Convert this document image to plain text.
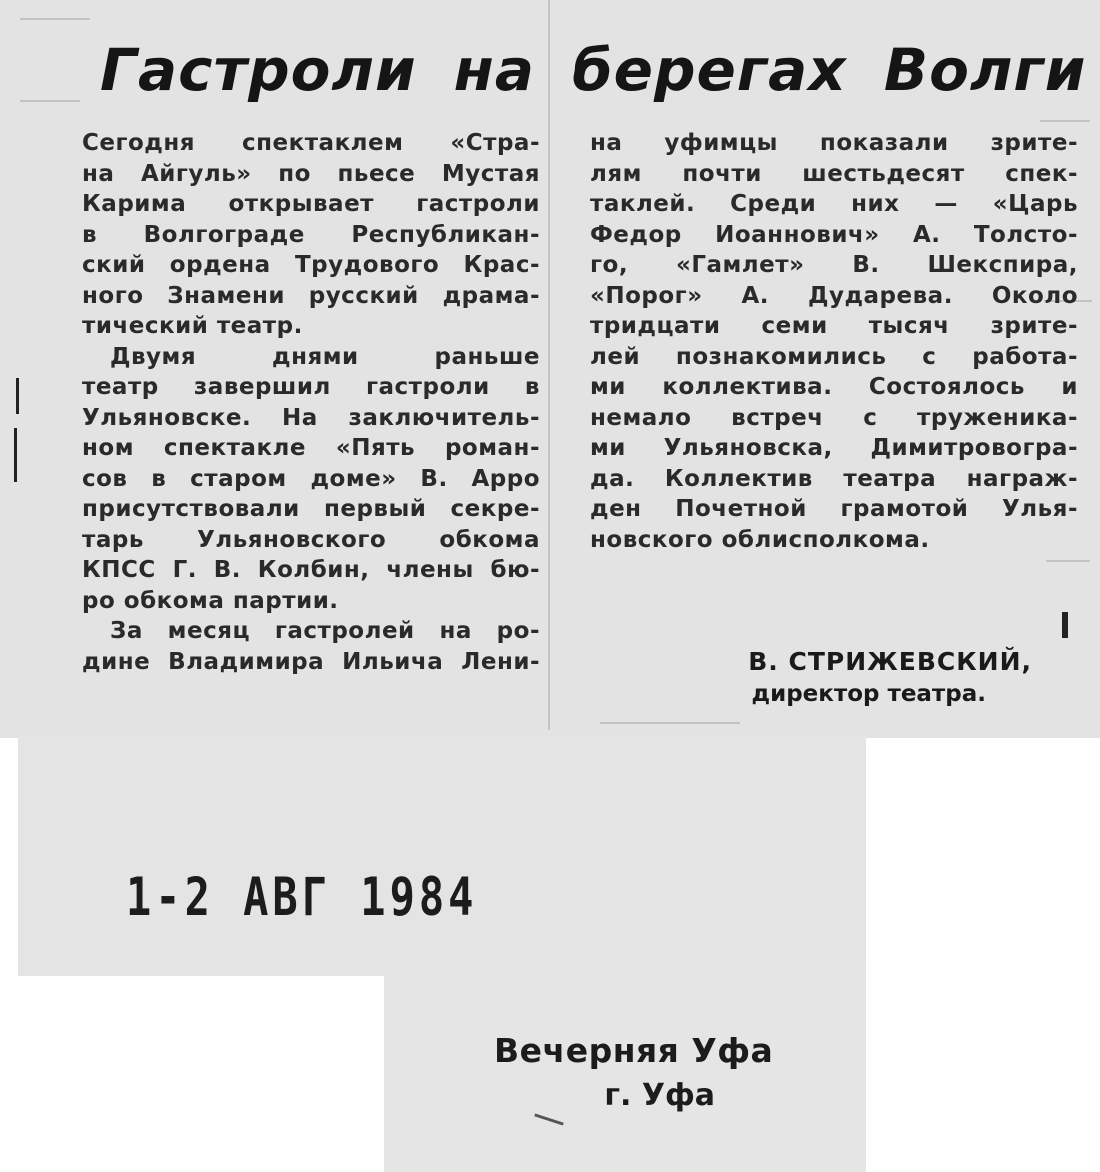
Гастроли на берегах Волги
Сегодня спектаклем «Стра-
на Айгуль» по пьесе Мустая
Карима открывает гастроли
в Волгограде Республикан-
ский ордена Трудового Крас-
ного Знамени русский драма-
тический театр.
Двумя днями раньше
театр завершил гастроли в
Ульяновске. На заключитель-
ном спектакле «Пять роман-
сов в старом доме» В. Арро
присутствовали первый секре-
тарь Ульяновского обкома
КПСС Г. В. Колбин, члены бю-
ро обкома партии.
За месяц гастролей на ро-
дине Владимира Ильича Лени-
на уфимцы показали зрите-
лям почти шестьдесят спек-
таклей. Среди них — «Царь
Федор Иоаннович» А. Толсто-
го, «Гамлет» В. Шекспира,
«Порог» А. Дударева. Около
тридцати семи тысяч зрите-
лей познакомились с работа-
ми коллектива. Состоялось и
немало встреч с труженика-
ми Ульяновска, Димитровогра-
да. Коллектив театра награж-
ден Почетной грамотой Улья-
новского облисполкома.
В. СТРИЖЕВСКИЙ,
директор театра.
1-2 АВГ 1984
Вечерняя Уфа
г. Уфа
